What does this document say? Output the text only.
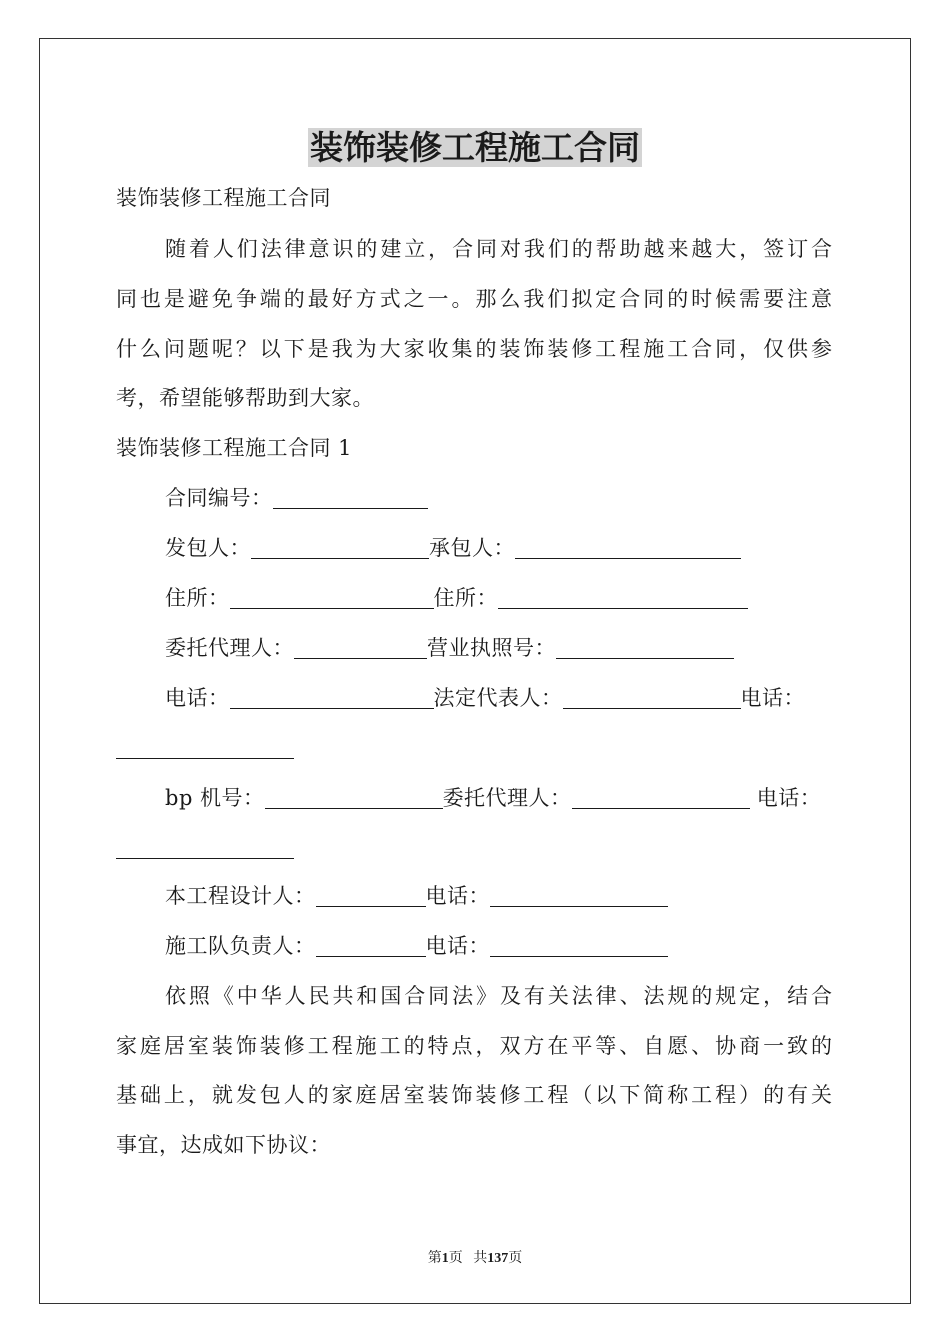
装饰装修工程施工合同
装饰装修工程施工合同
随着人们法律意识的建立，合同对我们的帮助越来越大，签订合
同也是避免争端的最好方式之一。那么我们拟定合同的时候需要注意
什么问题呢？以下是我为大家收集的装饰装修工程施工合同，仅供参
考，希望能够帮助到大家。
装饰装修工程施工合同 1
合同编号：
发包人：	承包人：
住所：	住所：
委托代理人：	营业执照号：
电话：	法定代表人：	电话：
bp 机号：	委托代理人：	电话：
本工程设计人：	电话：
施工队负责人：	电话：
依照《中华人民共和国合同法》及有关法律、法规的规定，结合
家庭居室装饰装修工程施工的特点，双方在平等、自愿、协商一致的
基础上，就发包人的家庭居室装饰装修工程（以下简称工程）的有关
事宜，达成如下协议：
第1页 共137页
